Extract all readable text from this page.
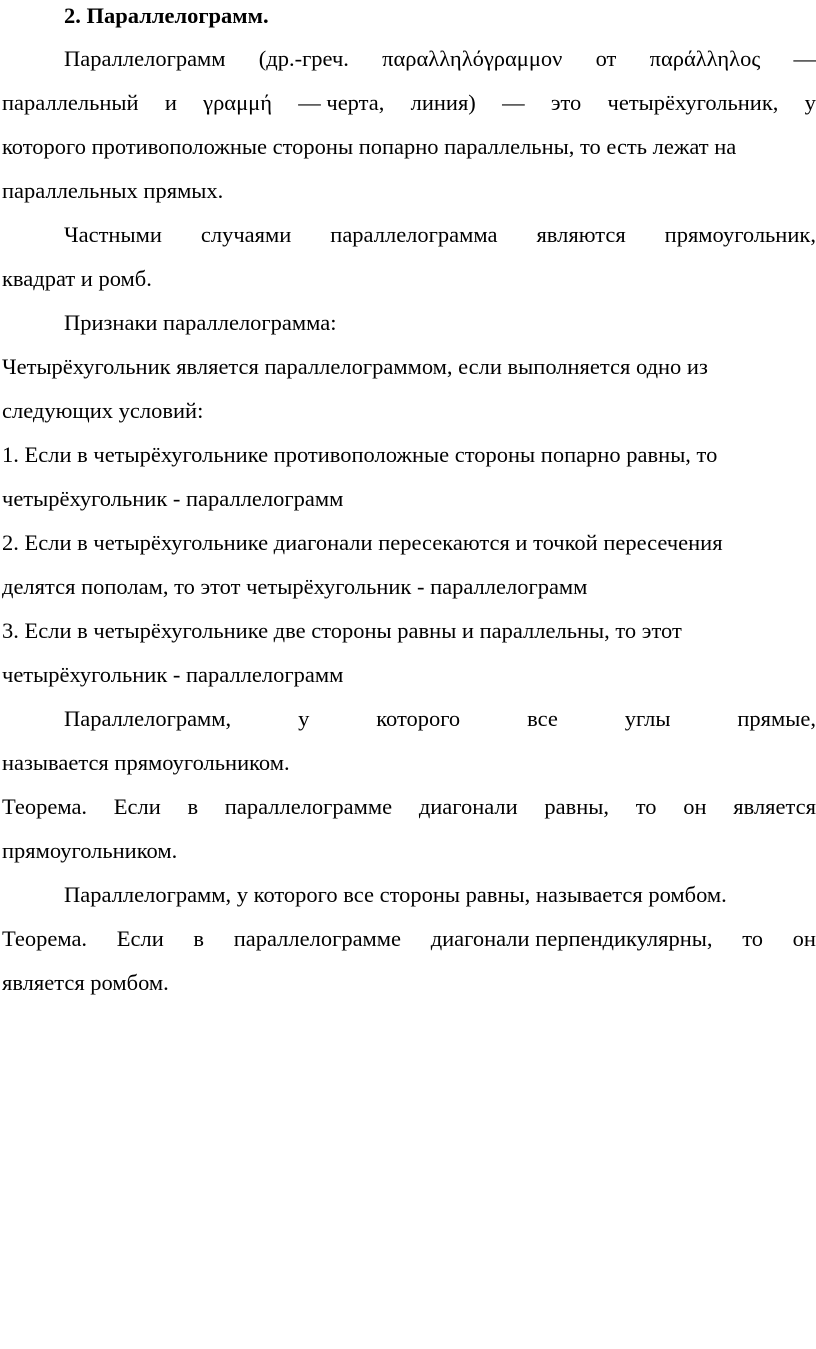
2. Параллелограмм.
Параллелограмм (др.-греч. παραλληλόγραμμον от παράλληλος —
параллельный и γραμμή — черта, линия) — это четырёхугольник, у
которого противоположные стороны попарно параллельны, то есть лежат на
параллельных прямых.
Частными случаями параллелограмма являются прямоугольник,
квадрат и ромб.
Признаки параллелограмма:
Четырёхугольник является параллелограммом, если выполняется одно из
следующих условий:
1. Если в четырёхугольнике противоположные стороны попарно равны, то
четырёхугольник - параллелограмм
2. Если в четырёхугольнике диагонали пересекаются и точкой пересечения
делятся пополам, то этот четырёхугольник - параллелограмм
3. Если в четырёхугольнике две стороны равны и параллельны, то этот
четырёхугольник - параллелограмм
Параллелограмм,	у	которого	все	углы	прямые,
называется прямоугольником.
Теорема. Если в параллелограмме диагонали равны, то он является
прямоугольником.
Параллелограмм, у которого все стороны равны, называется ромбом.
Теорема. Если в параллелограмме диагонали перпендикулярны, то он
является ромбом.
